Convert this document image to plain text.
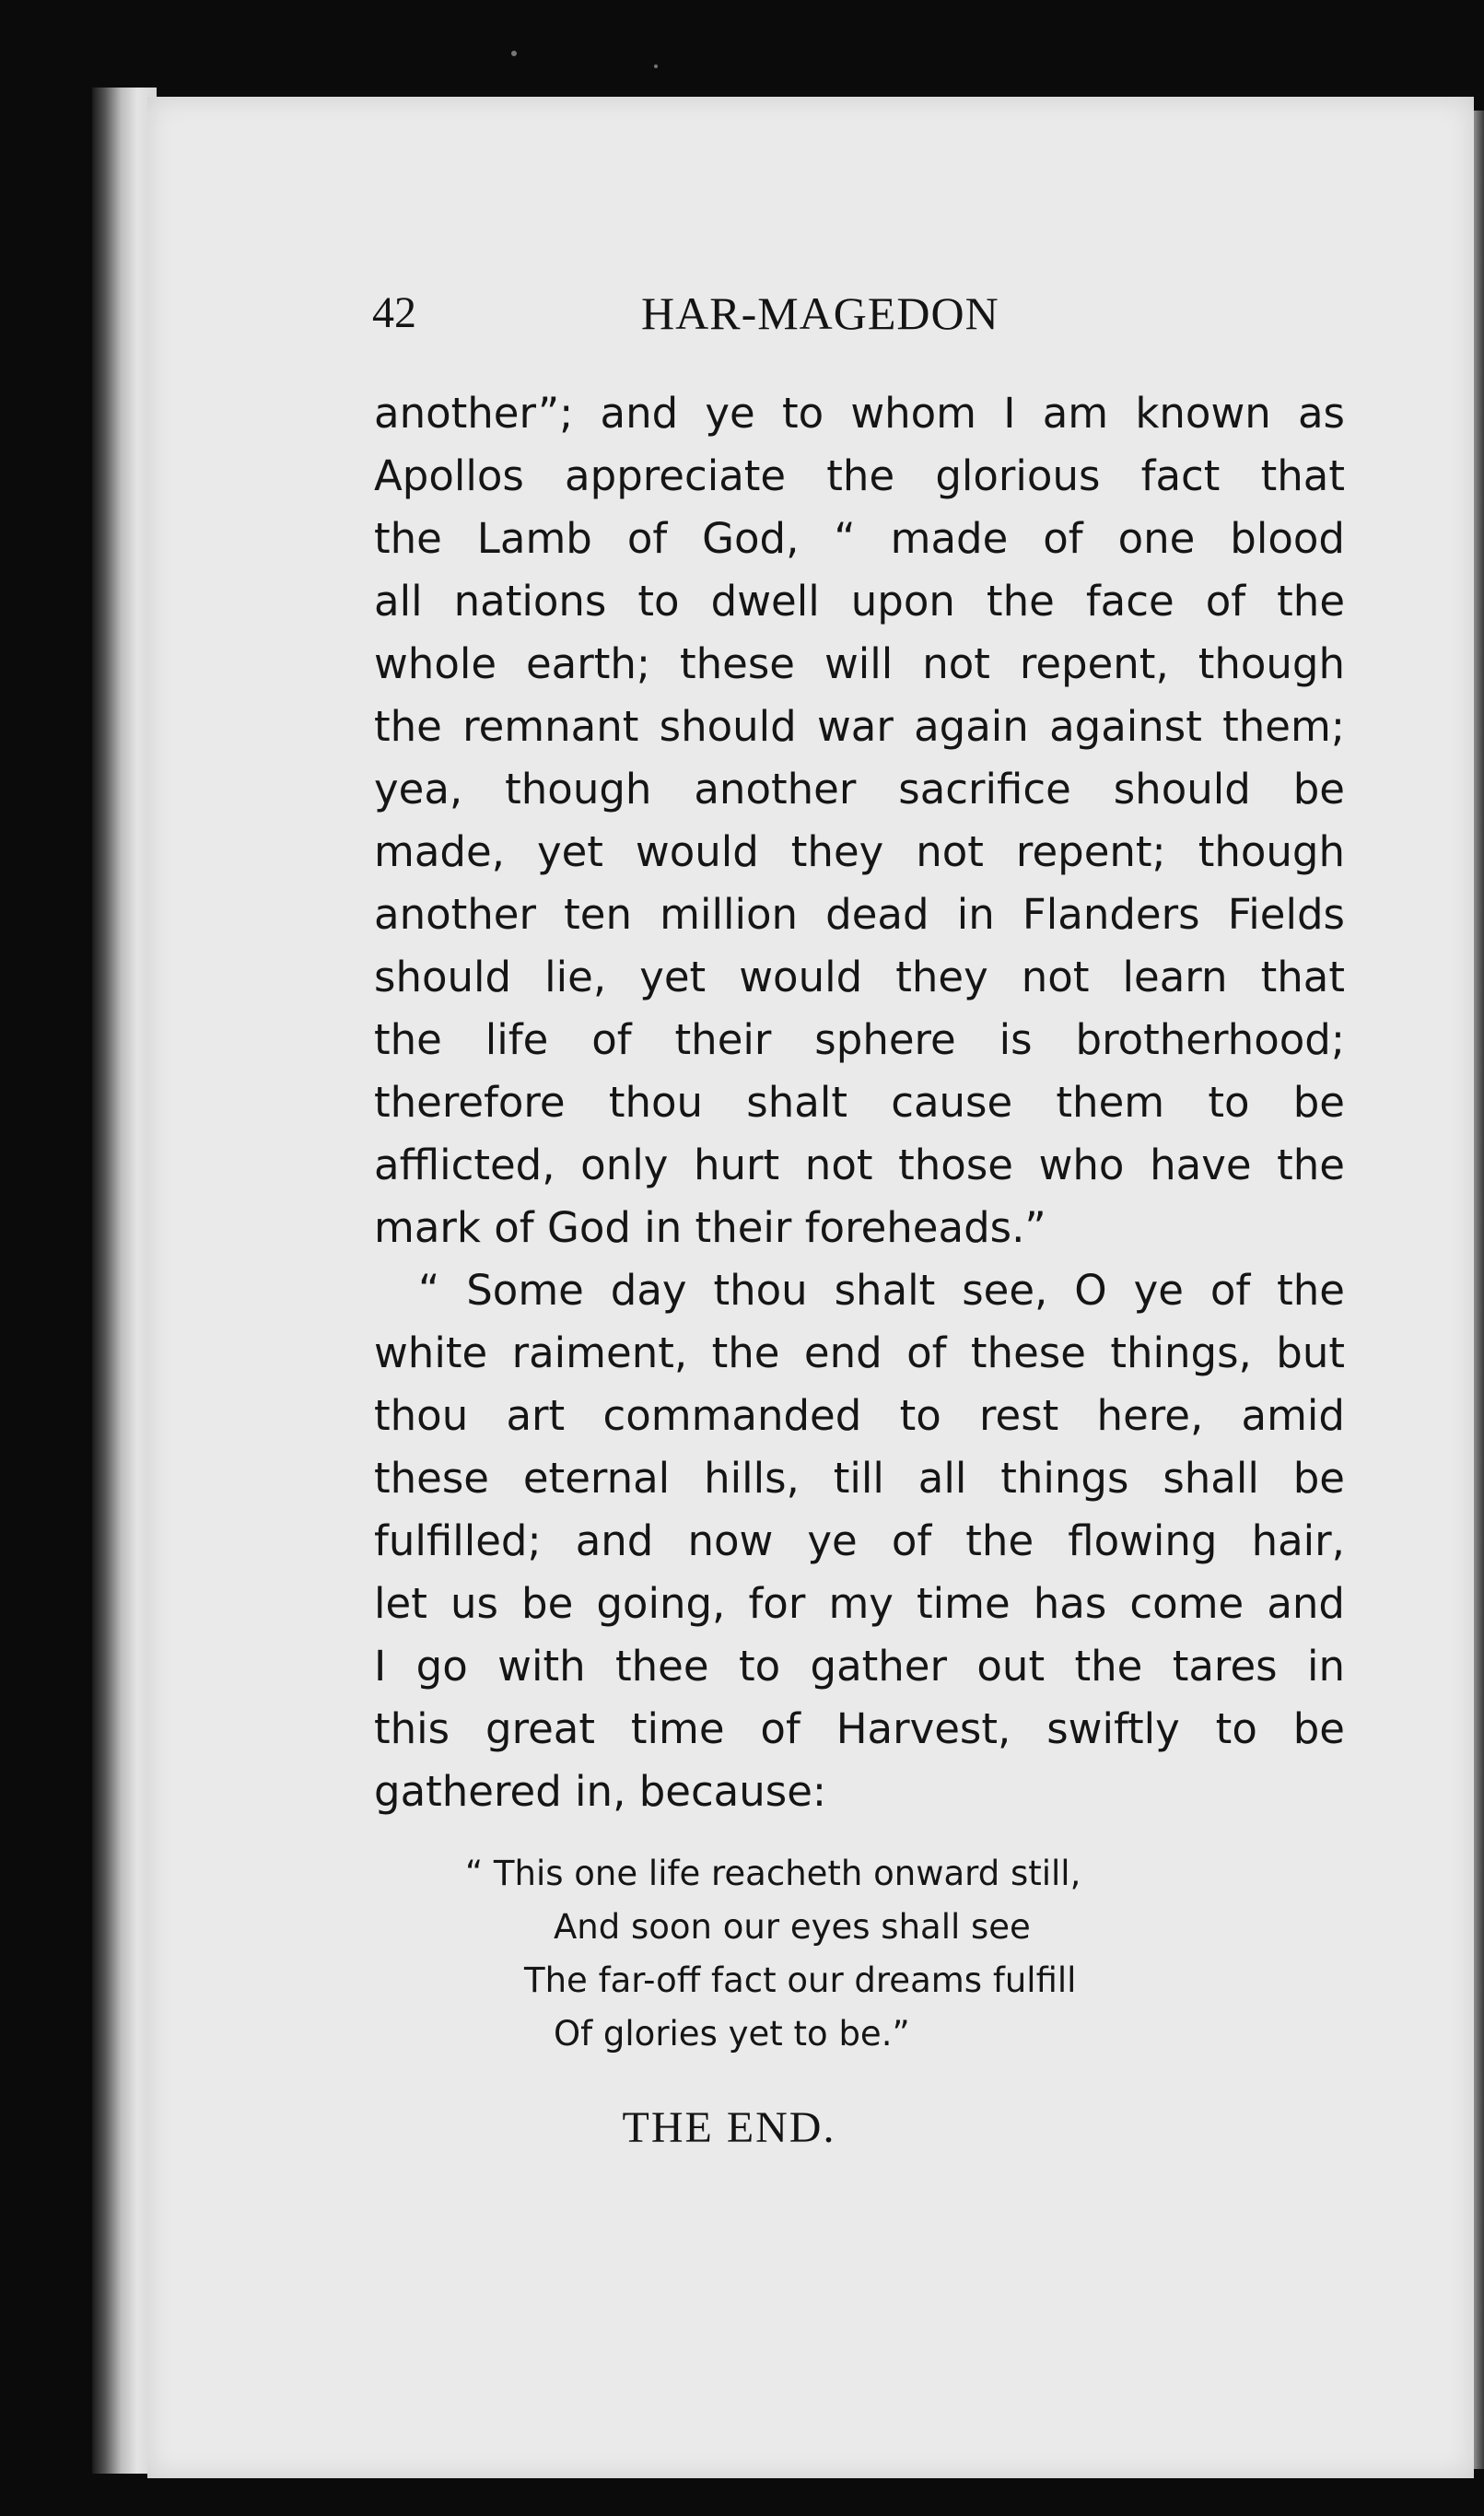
42	HAR-MAGEDON
another”; and ye to whom I am known as
Apollos appreciate the glorious fact that
the Lamb of God, “ made of one blood
all nations to dwell upon the face of the
whole earth; these will not repent, though
the remnant should war again against them;
yea, though another sacrifice should be
made, yet would they not repent; though
another ten million dead in Flanders Fields
should lie, yet would they not learn that
the life of their sphere is brotherhood;
therefore thou shalt cause them to be
afflicted, only hurt not those who have the
mark of God in their foreheads.”
“ Some day thou shalt see, O ye of the
white raiment, the end of these things, but
thou art commanded to rest here, amid
these eternal hills, till all things shall be
fulfilled; and now ye of the flowing hair,
let us be going, for my time has come and
I go with thee to gather out the tares in
this great time of Harvest, swiftly to be
gathered in, because:
“ This one life reacheth onward still,
And soon our eyes shall see
The far-off fact our dreams fulfill
Of glories yet to be.”
THE END.
